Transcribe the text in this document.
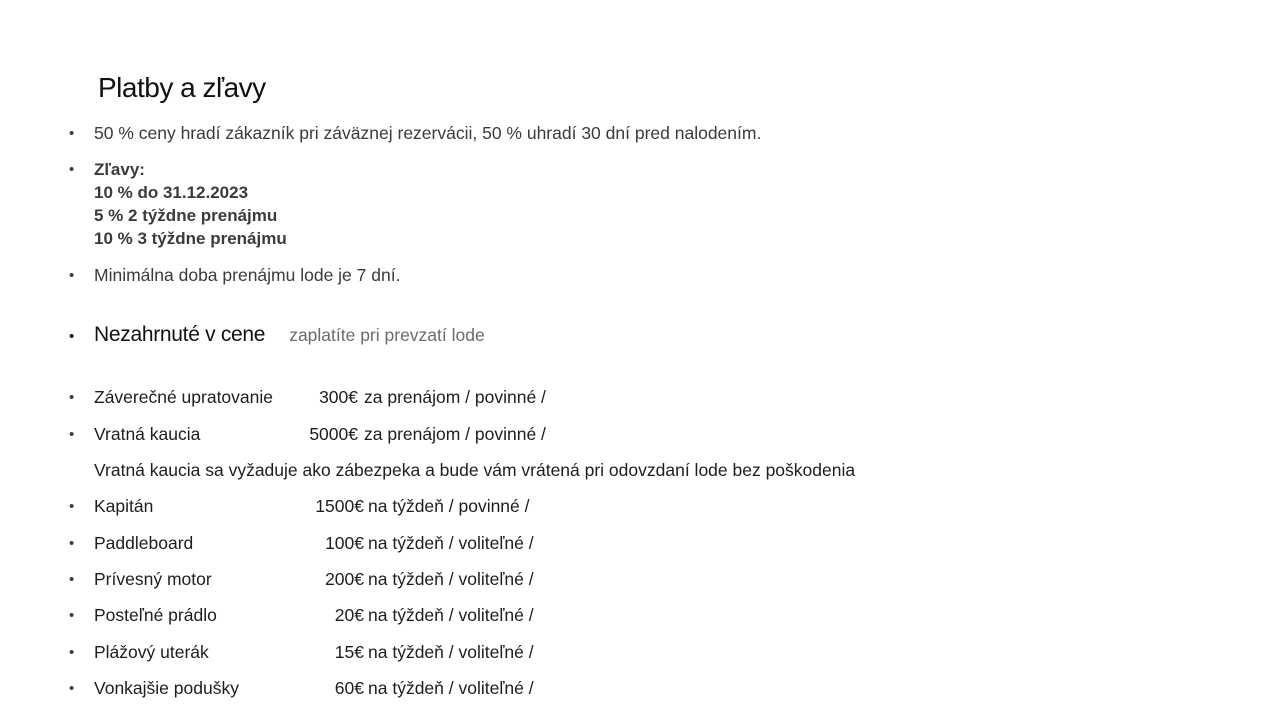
Platby a zľavy
• 50 % ceny hradí zákazník pri záväznej rezervácii, 50 % uhradí 30 dní pred nalodením.
• Zľavy:
10 % do 31.12.2023
5 % 2 týždne prenájmu
10 % 3 týždne prenájmu
• Minimálna doba prenájmu lode je 7 dní.
• Nezahrnuté v cene zaplatíte pri prevzatí lode
• Záverečné upratovanie	300€ za prenájom / povinné /
• Vratná kaucia	5000€ za prenájom / povinné /
Vratná kaucia sa vyžaduje ako zábezpeka a bude vám vrátená pri odovzdaní lode bez poškodenia
• Kapitán	1500€ na týždeň / povinné /
• Paddleboard	100€ na týždeň / voliteľné /
• Prívesný motor	200€ na týždeň / voliteľné /
• Posteľné prádlo	20€ na týždeň / voliteľné /
• Plážový uterák	15€ na týždeň / voliteľné /
• Vonkajšie podušky	60€ na týždeň / voliteľné /
